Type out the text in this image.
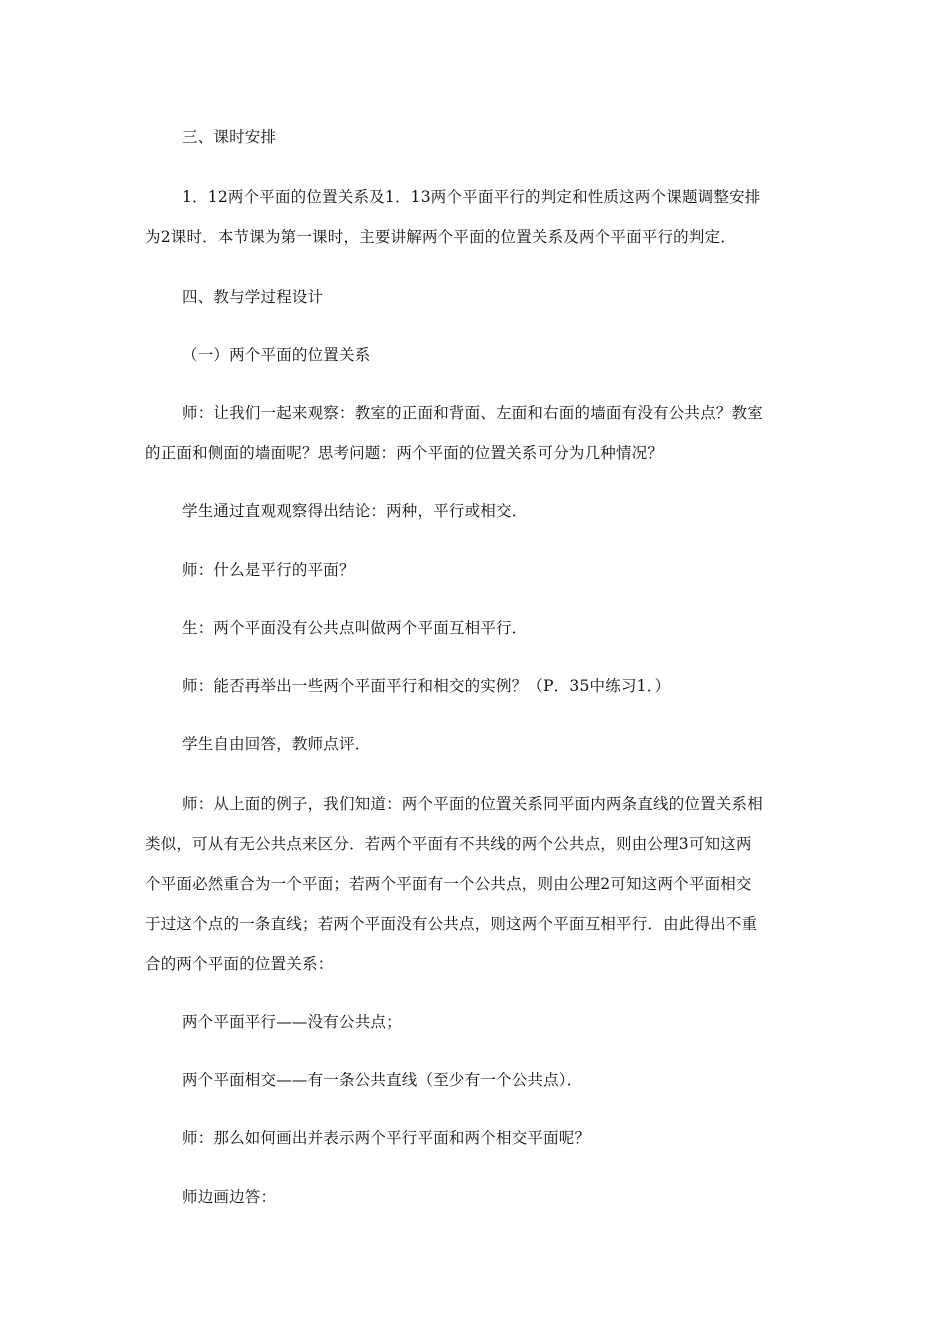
三、课时安排
1．12两个平面的位置关系及1．13两个平面平行的判定和性质这两个课题调整安排
为2课时．本节课为第一课时，主要讲解两个平面的位置关系及两个平面平行的判定．
四、教与学过程设计
（一）两个平面的位置关系
师：让我们一起来观察：教室的正面和背面、左面和右面的墙面有没有公共点？教室
的正面和侧面的墙面呢？思考问题：两个平面的位置关系可分为几种情况？
学生通过直观观察得出结论：两种，平行或相交．
师：什么是平行的平面？
生：两个平面没有公共点叫做两个平面互相平行．
师：能否再举出一些两个平面平行和相交的实例？（P．35中练习1．）
学生自由回答，教师点评．
师：从上面的例子，我们知道：两个平面的位置关系同平面内两条直线的位置关系相
类似，可从有无公共点来区分．若两个平面有不共线的两个公共点，则由公理3可知这两
个平面必然重合为一个平面；若两个平面有一个公共点，则由公理2可知这两个平面相交
于过这个点的一条直线；若两个平面没有公共点，则这两个平面互相平行．由此得出不重
合的两个平面的位置关系：
两个平面平行——没有公共点；
两个平面相交——有一条公共直线（至少有一个公共点）．
师：那么如何画出并表示两个平行平面和两个相交平面呢？
师边画边答：
